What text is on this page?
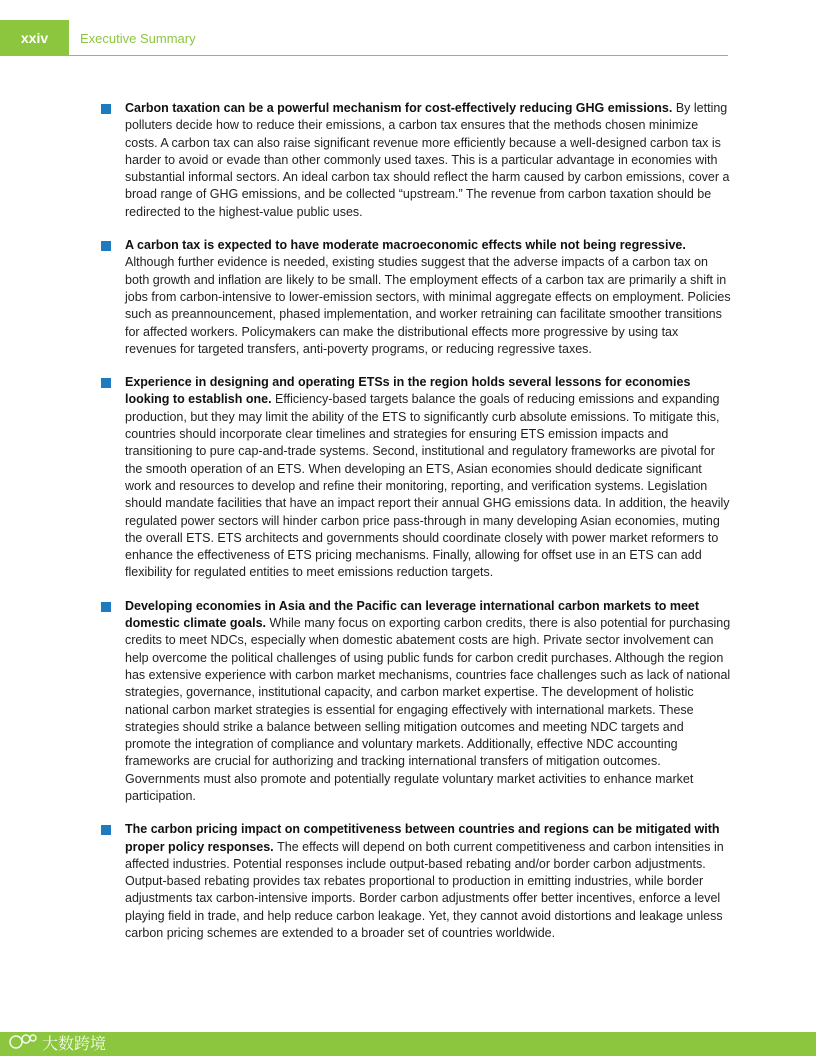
xxiv	Executive Summary
Carbon taxation can be a powerful mechanism for cost-effectively reducing GHG emissions. By letting polluters decide how to reduce their emissions, a carbon tax ensures that the methods chosen minimize costs. A carbon tax can also raise significant revenue more efficiently because a well-designed carbon tax is harder to avoid or evade than other commonly used taxes. This is a particular advantage in economies with substantial informal sectors. An ideal carbon tax should reflect the harm caused by carbon emissions, cover a broad range of GHG emissions, and be collected “upstream.” The revenue from carbon taxation should be redirected to the highest-value public uses.
A carbon tax is expected to have moderate macroeconomic effects while not being regressive. Although further evidence is needed, existing studies suggest that the adverse impacts of a carbon tax on both growth and inflation are likely to be small. The employment effects of a carbon tax are primarily a shift in jobs from carbon-intensive to lower-emission sectors, with minimal aggregate effects on employment. Policies such as preannouncement, phased implementation, and worker retraining can facilitate smoother transitions for affected workers. Policymakers can make the distributional effects more progressive by using tax revenues for targeted transfers, anti-poverty programs, or reducing regressive taxes.
Experience in designing and operating ETSs in the region holds several lessons for economies looking to establish one. Efficiency-based targets balance the goals of reducing emissions and expanding production, but they may limit the ability of the ETS to significantly curb absolute emissions. To mitigate this, countries should incorporate clear timelines and strategies for ensuring ETS emission impacts and transitioning to pure cap-and-trade systems. Second, institutional and regulatory frameworks are pivotal for the smooth operation of an ETS. When developing an ETS, Asian economies should dedicate significant work and resources to develop and refine their monitoring, reporting, and verification systems. Legislation should mandate facilities that have an impact report their annual GHG emissions data. In addition, the heavily regulated power sectors will hinder carbon price pass-through in many developing Asian economies, muting the overall ETS. ETS architects and governments should coordinate closely with power market reformers to enhance the effectiveness of ETS pricing mechanisms. Finally, allowing for offset use in an ETS can add flexibility for regulated entities to meet emissions reduction targets.
Developing economies in Asia and the Pacific can leverage international carbon markets to meet domestic climate goals. While many focus on exporting carbon credits, there is also potential for purchasing credits to meet NDCs, especially when domestic abatement costs are high. Private sector involvement can help overcome the political challenges of using public funds for carbon credit purchases. Although the region has extensive experience with carbon market mechanisms, countries face challenges such as lack of national strategies, governance, institutional capacity, and carbon market expertise. The development of holistic national carbon market strategies is essential for engaging effectively with international markets. These strategies should strike a balance between selling mitigation outcomes and meeting NDC targets and promote the integration of compliance and voluntary markets. Additionally, effective NDC accounting frameworks are crucial for authorizing and tracking international transfers of mitigation outcomes. Governments must also promote and potentially regulate voluntary market activities to enhance market participation.
The carbon pricing impact on competitiveness between countries and regions can be mitigated with proper policy responses. The effects will depend on both current competitiveness and carbon intensities in affected industries. Potential responses include output-based rebating and/or border carbon adjustments. Output-based rebating provides tax rebates proportional to production in emitting industries, while border adjustments tax carbon-intensive imports. Border carbon adjustments offer better incentives, enforce a level playing field in trade, and help reduce carbon leakage. Yet, they cannot avoid distortions and leakage unless carbon pricing schemes are extended to a broader set of countries worldwide.
大数跨境
